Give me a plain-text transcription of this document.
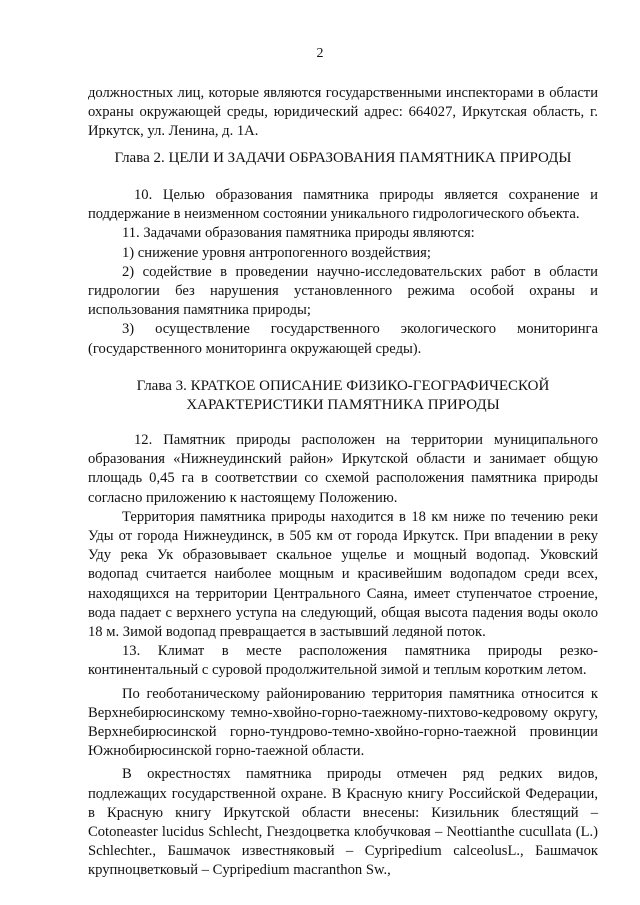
2

должностных лиц, которые являются государственными инспекторами в области охраны окружающей среды, юридический адрес: 664027, Иркутская область, г. Иркутск, ул. Ленина, д. 1А.

Глава 2. ЦЕЛИ И ЗАДАЧИ ОБРАЗОВАНИЯ ПАМЯТНИКА ПРИРОДЫ

10. Целью образования памятника природы является сохранение и поддержание в неизменном состоянии уникального гидрологического объекта.

11. Задачами образования памятника природы являются:

1) снижение уровня антропогенного воздействия;

2) содействие в проведении научно-исследовательских работ в области гидрологии без нарушения установленного режима особой охраны и использования памятника природы;

3) осуществление государственного экологического мониторинга (государственного мониторинга окружающей среды).

Глава 3. КРАТКОЕ ОПИСАНИЕ ФИЗИКО-ГЕОГРАФИЧЕСКОЙ

ХАРАКТЕРИСТИКИ ПАМЯТНИКА ПРИРОДЫ

12. Памятник природы расположен на территории муниципального образования «Нижнеудинский район» Иркутской области и занимает общую площадь 0,45 га в соответствии со схемой расположения памятника природы согласно приложению к настоящему Положению.

Территория памятника природы находится в 18 км ниже по течению реки Уды от города Нижнеудинск, в 505 км от города Иркутск. При впадении в реку Уду река Ук образовывает скальное ущелье и мощный водопад. Уковский водопад считается наиболее мощным и красивейшим водопадом среди всех, находящихся на территории Центрального Саяна, имеет ступенчатое строение, вода падает с верхнего уступа на следующий, общая высота падения воды около 18 м. Зимой водопад превращается в застывший ледяной поток.

13. Климат в месте расположения памятника природы резко-континентальный с суровой продолжительной зимой и теплым коротким летом.

По геоботаническому районированию территория памятника относится к Верхнебирюсинскому темно-хвойно-горно-таежному-пихтово-кедровому округу, Верхнебирюсинской горно-тундрово-темно-хвойно-горно-таежной провинции Южнобирюсинской горно-таежной области.

В окрестностях памятника природы отмечен ряд редких видов, подлежащих государственной охране. В Красную книгу Российской Федерации, в Красную книгу Иркутской области внесены: Кизильник блестящий –Cotoneaster lucidus Schlecht, Гнездоцветка клобучковая – Neottianthe cucullata (L.) Schlechter., Башмачок известняковый – Cypripedium calceolusL., Башмачок крупноцветковый – Cypripedium macranthon Sw.,
